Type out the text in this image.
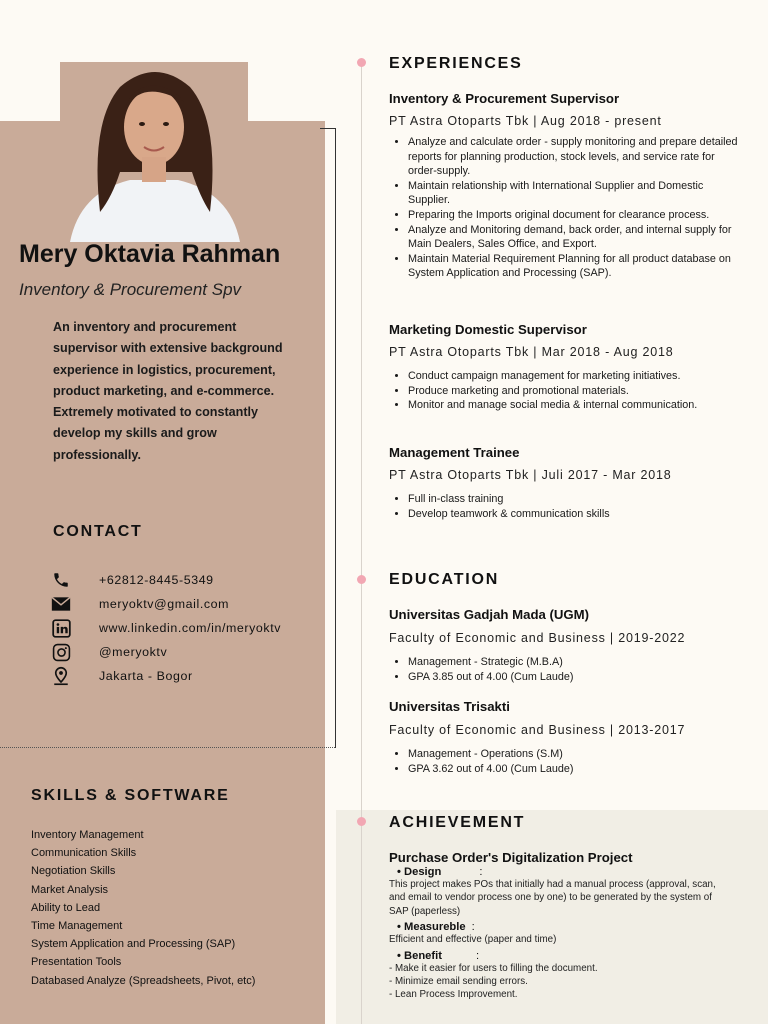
Mery Oktavia Rahman
Inventory & Procurement Spv
An inventory and procurement supervisor with extensive background experience in logistics, procurement, product marketing, and e-commerce. Extremely motivated to constantly develop my skills and grow professionally.
CONTACT
+62812-8445-5349
meryoktv@gmail.com
www.linkedin.com/in/meryoktv
@meryoktv
Jakarta - Bogor
SKILLS & SOFTWARE
Inventory Management
Communication Skills
Negotiation Skills
Market Analysis
Ability to Lead
Time Management
System Application and Processing (SAP)
Presentation Tools
Databased Analyze (Spreadsheets, Pivot, etc)
EXPERIENCES
Inventory & Procurement Supervisor
PT Astra Otoparts Tbk | Aug 2018 - present
• Analyze and calculate order - supply monitoring and prepare detailed reports for planning production, stock levels, and service rate for order-supply.
• Maintain relationship with International Supplier and Domestic Supplier.
• Preparing the Imports original document for clearance process.
• Analyze and Monitoring demand, back order, and internal supply for Main Dealers, Sales Office, and Export.
• Maintain Material Requirement Planning for all product database on System Application and Processing (SAP).
Marketing Domestic Supervisor
PT Astra Otoparts Tbk | Mar 2018 - Aug 2018
• Conduct campaign management for marketing initiatives.
• Produce marketing and promotional materials.
• Monitor and manage social media & internal communication.
Management Trainee
PT Astra Otoparts Tbk | Juli 2017 - Mar 2018
• Full in-class training
• Develop teamwork & communication skills
EDUCATION
Universitas Gadjah Mada (UGM)
Faculty of Economic and Business | 2019-2022
• Management - Strategic (M.B.A)
• GPA 3.85 out of 4.00 (Cum Laude)
Universitas Trisakti
Faculty of Economic and Business | 2013-2017
• Management - Operations (S.M)
• GPA 3.62 out of 4.00 (Cum Laude)
ACHIEVEMENT
Purchase Order's Digitalization Project
• Design	:
This project makes POs that initially had a manual process (approval, scan, and email to vendor process one by one) to be generated by the system of SAP (paperless)
• Measureble :
Efficient and effective (paper and time)
• Benefit	:
- Make it easier for users to filling the document.
- Minimize email sending errors.
- Lean Process Improvement.
